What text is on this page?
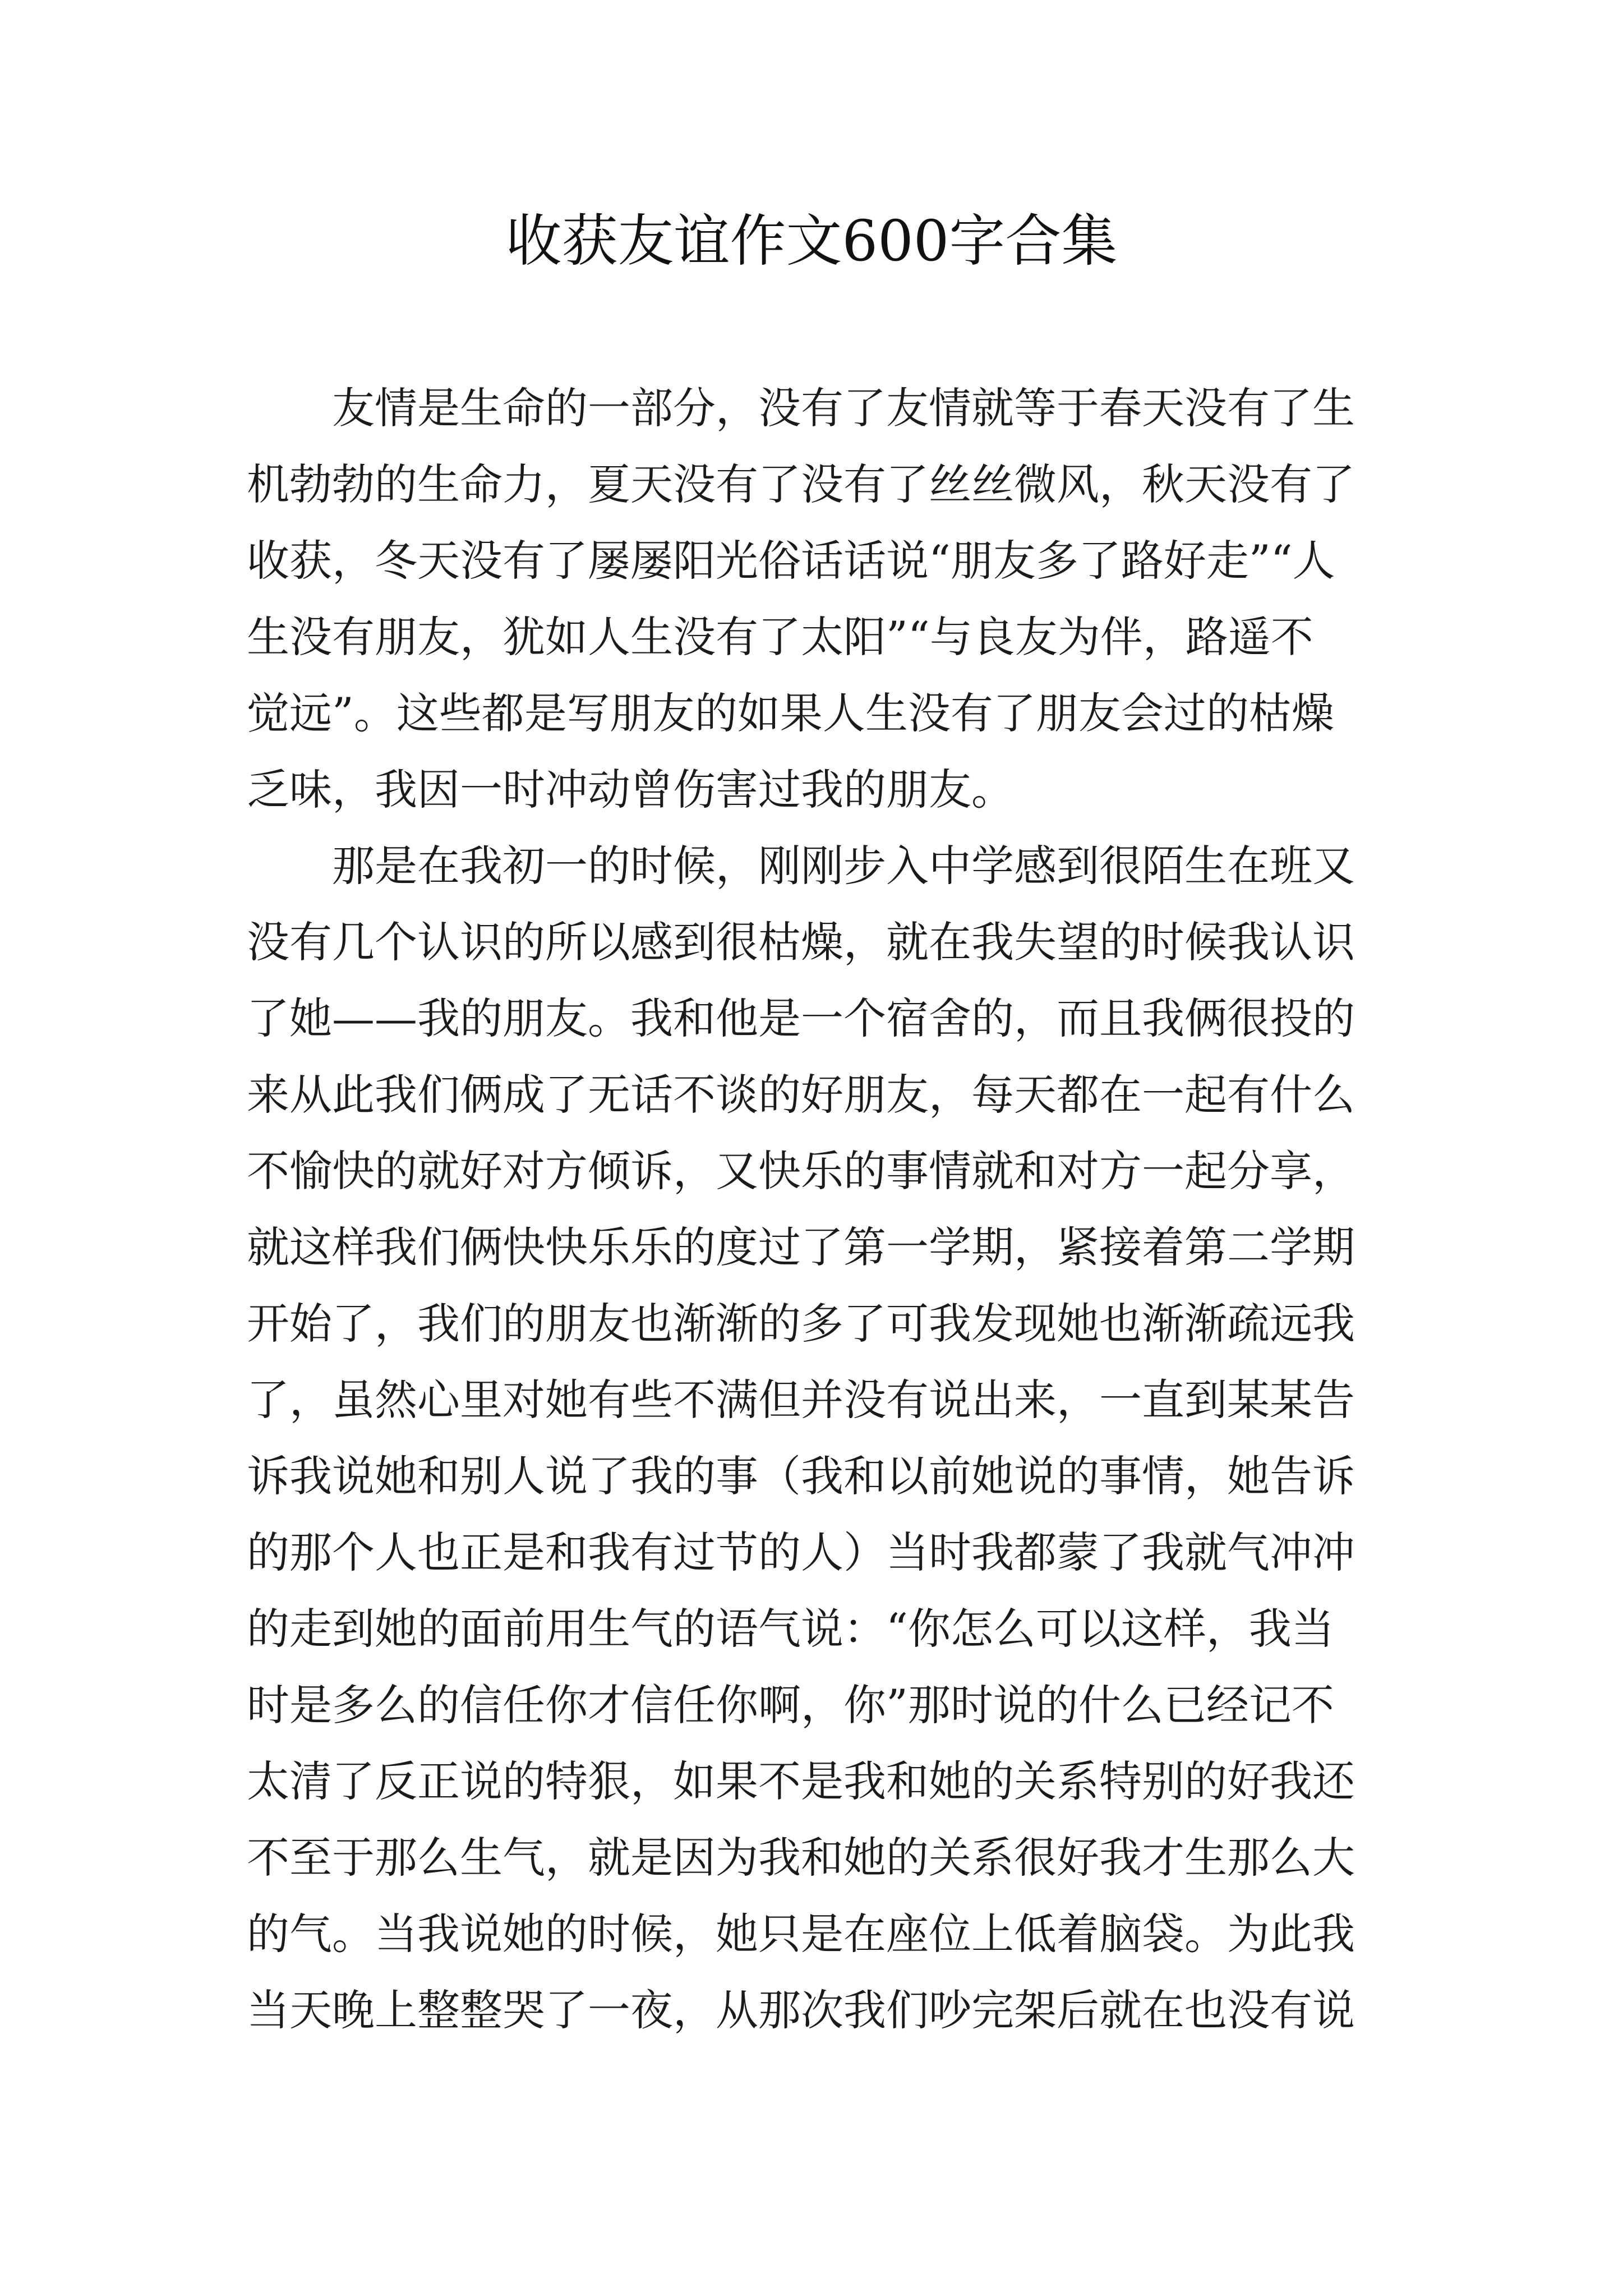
收获友谊作文600字合集
　　友情是生命的一部分，没有了友情就等于春天没有了生
机勃勃的生命力，夏天没有了没有了丝丝微风，秋天没有了
收获，冬天没有了屡屡阳光俗话话说“朋友多了路好走”“人
生没有朋友，犹如人生没有了太阳”“与良友为伴，路遥不
觉远”。这些都是写朋友的如果人生没有了朋友会过的枯燥
乏味，我因一时冲动曾伤害过我的朋友。
　　那是在我初一的时候，刚刚步入中学感到很陌生在班又
没有几个认识的所以感到很枯燥，就在我失望的时候我认识
了她——我的朋友。我和他是一个宿舍的，而且我俩很投的
来从此我们俩成了无话不谈的好朋友，每天都在一起有什么
不愉快的就好对方倾诉，又快乐的事情就和对方一起分享，
就这样我们俩快快乐乐的度过了第一学期，紧接着第二学期
开始了，我们的朋友也渐渐的多了可我发现她也渐渐疏远我
了，虽然心里对她有些不满但并没有说出来，一直到某某告
诉我说她和别人说了我的事（我和以前她说的事情，她告诉
的那个人也正是和我有过节的人）当时我都蒙了我就气冲冲
的走到她的面前用生气的语气说：“你怎么可以这样，我当
时是多么的信任你才信任你啊，你”那时说的什么已经记不
太清了反正说的特狠，如果不是我和她的关系特别的好我还
不至于那么生气，就是因为我和她的关系很好我才生那么大
的气。当我说她的时候，她只是在座位上低着脑袋。为此我
当天晚上整整哭了一夜，从那次我们吵完架后就在也没有说
